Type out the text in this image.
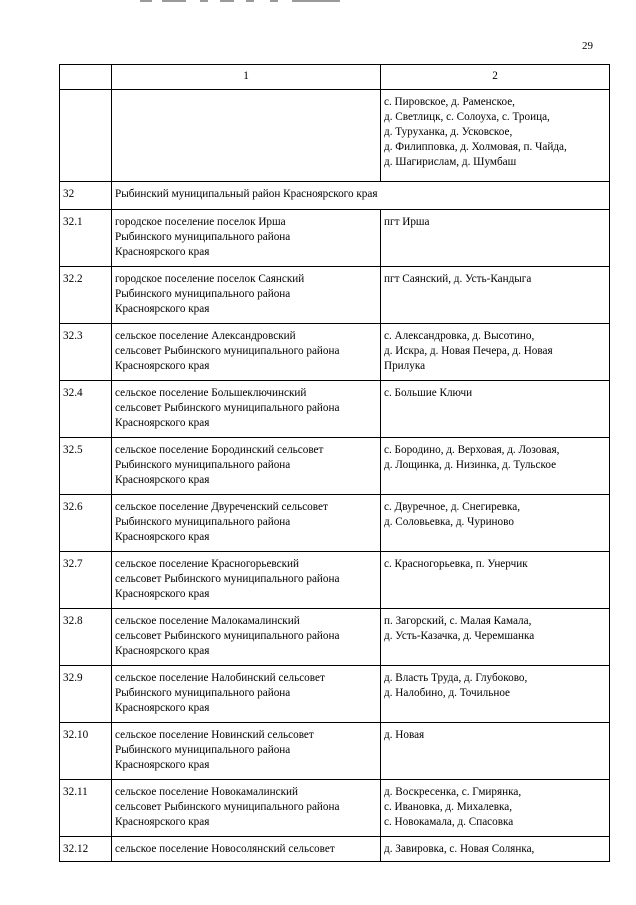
29
	1	2
		с. Пировское, д. Раменское,
д. Светлицк, с. Солоуха, с. Троица,
д. Туруханка, д. Усковское,
д. Филипповка, д. Холмовая, п. Чайда,
д. Шагирислам, д. Шумбаш
32	Рыбинский муниципальный район Красноярского края	
32.1	городское поселение поселок Ирша
Рыбинского муниципального района
Красноярского края	пгт Ирша
32.2	городское поселение поселок Саянский
Рыбинского муниципального района
Красноярского края	пгт Саянский, д. Усть-Кандыга
32.3	сельское поселение Александровский
сельсовет Рыбинского муниципального района
Красноярского края	с. Александровка, д. Высотино,
д. Искра, д. Новая Печера, д. Новая
Прилука
32.4	сельское поселение Большеключинский
сельсовет Рыбинского муниципального района
Красноярского края	с. Большие Ключи
32.5	сельское поселение Бородинский сельсовет
Рыбинского муниципального района
Красноярского края	с. Бородино, д. Верховая, д. Лозовая,
д. Лощинка, д. Низинка, д. Тульское
32.6	сельское поселение Двуреченский сельсовет
Рыбинского муниципального района
Красноярского края	с. Двуречное, д. Снегиревка,
д. Соловьевка, д. Чуриново
32.7	сельское поселение Красногорьевский
сельсовет Рыбинского муниципального района
Красноярского края	с. Красногорьевка, п. Унерчик
32.8	сельское поселение Малокамалинский
сельсовет Рыбинского муниципального района
Красноярского края	п. Загорский, с. Малая Камала,
д. Усть-Казачка, д. Черемшанка
32.9	сельское поселение Налобинский сельсовет
Рыбинского муниципального района
Красноярского края	д. Власть Труда, д. Глубоково,
д. Налобино, д. Точильное
32.10	сельское поселение Новинский сельсовет
Рыбинского муниципального района
Красноярского края	д. Новая
32.11	сельское поселение Новокамалинский
сельсовет Рыбинского муниципального района
Красноярского края	д. Воскресенка, с. Гмирянка,
с. Ивановка, д. Михалевка,
с. Новокамала, д. Спасовка
32.12	сельское поселение Новосолянский сельсовет	д. Завировка, с. Новая Солянка,
